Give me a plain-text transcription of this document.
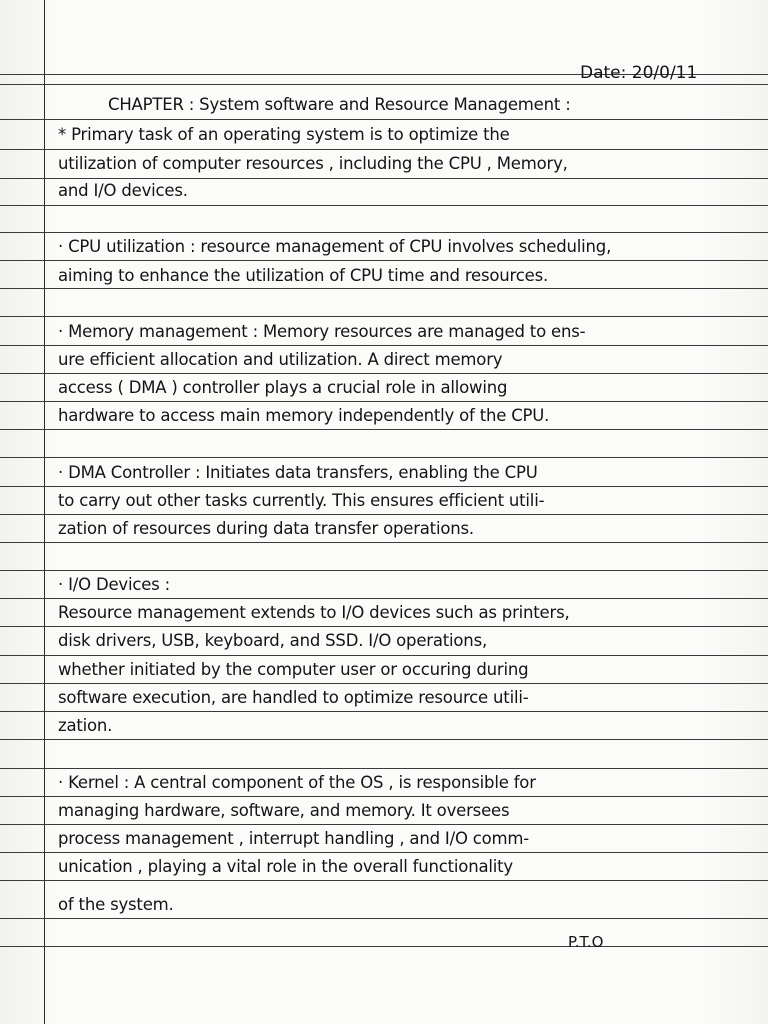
Date: 20/0/11
CHAPTER : System software and Resource Management :
* Primary task of an operating system is to optimize the
utilization of computer resources , including the CPU , Memory,
and I/O devices.
· CPU utilization : resource management of CPU involves scheduling,
aiming to enhance the utilization of CPU time and resources.
· Memory management : Memory resources are managed to ens-
ure efficient allocation and utilization. A direct memory
access ( DMA ) controller plays a crucial role in allowing
hardware to access main memory independently of the CPU.
· DMA Controller : Initiates data transfers, enabling the CPU
to carry out other tasks currently. This ensures efficient utili-
zation of resources during data transfer operations.
· I/O Devices :
Resource management extends to I/O devices such as printers,
disk drivers, USB, keyboard, and SSD. I/O operations,
whether initiated by the computer user or occuring during
software execution, are handled to optimize resource utili-
zation.
· Kernel : A central component of the OS , is responsible for
managing hardware, software, and memory. It oversees
process management , interrupt handling , and I/O comm-
unication , playing a vital role in the overall functionality
of the system.
P.T.O
